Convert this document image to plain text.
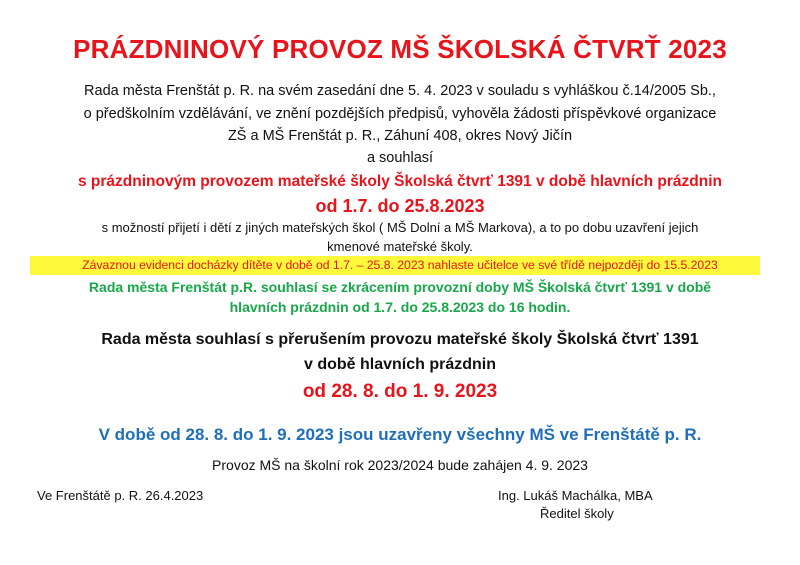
PRÁZDNINOVÝ PROVOZ MŠ ŠKOLSKÁ ČTVRŤ 2023
Rada města Frenštát p. R. na svém zasedání dne 5. 4. 2023 v souladu s vyhláškou č.14/2005 Sb.,
o předškolním vzdělávání, ve znění pozdějších předpisů, vyhověla žádosti příspěvkové organizace
ZŠ a MŠ Frenštát p. R., Záhuní 408, okres Nový Jičín
a souhlasí
s prázdninovým provozem mateřské školy Školská čtvrť 1391 v době hlavních prázdnin
od 1.7. do 25.8.2023
s možností přijetí i dětí z jiných mateřských škol ( MŠ Dolní a MŠ Markova), a to po dobu uzavření jejich
kmenové mateřské školy.
Závaznou evidenci docházky dítěte v době od 1.7. – 25.8. 2023 nahlaste učitelce ve své třídě nejpozději do 15.5.2023
Rada města Frenštát p.R. souhlasí se zkrácením provozní doby MŠ Školská čtvrť 1391 v době
hlavních prázdnin od 1.7. do 25.8.2023 do 16 hodin.
Rada města souhlasí s přerušením provozu mateřské školy Školská čtvrť 1391
v době hlavních prázdnin
od 28. 8. do 1. 9. 2023
V době od 28. 8. do 1. 9. 2023 jsou uzavřeny všechny MŠ ve Frenštátě p. R.
Provoz MŠ na školní rok 2023/2024 bude zahájen 4. 9. 2023
Ve Frenštátě p. R. 26.4.2023	Ing. Lukáš Machálka, MBA
Ředitel školy
